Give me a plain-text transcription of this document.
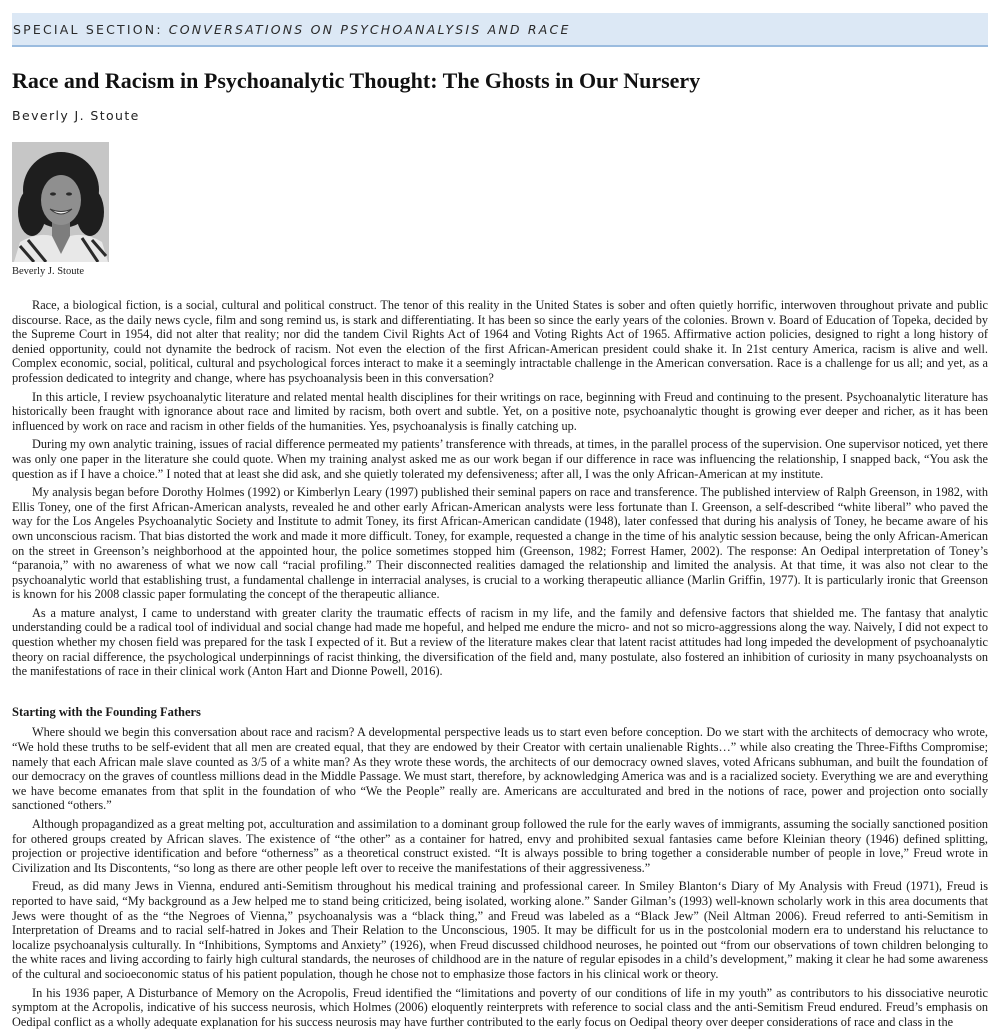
SPECIAL SECTION: CONVERSATIONS ON PSYCHOANALYSIS AND RACE
Race and Racism in Psychoanalytic Thought: The Ghosts in Our Nursery
Beverly J. Stoute
Beverly J. Stoute

Race, a biological fiction, is a social, cultural and political construct. The tenor of this reality in the United States is sober and often quietly horrific, interwoven throughout private and public discourse. Race, as the daily news cycle, film and song remind us, is stark and differentiating. It has been so since the early years of the colonies. Brown v. Board of Education of Topeka, decided by the Supreme Court in 1954, did not alter that reality; nor did the tandem Civil Rights Act of 1964 and Voting Rights Act of 1965. Affirmative action policies, designed to right a long history of denied opportunity, could not dynamite the bedrock of racism. Not even the election of the first African-American president could shake it. In 21st century America, racism is alive and well. Complex economic, social, political, cultural and psychological forces interact to make it a seemingly intractable challenge in the American conversation. Race is a challenge for us all; and yet, as a profession dedicated to integrity and change, where has psychoanalysis been in this conversation?

In this article, I review psychoanalytic literature and related mental health disciplines for their writings on race, beginning with Freud and continuing to the present. Psychoanalytic literature has historically been fraught with ignorance about race and limited by racism, both overt and subtle. Yet, on a positive note, psychoanalytic thought is growing ever deeper and richer, as it has been influenced by work on race and racism in other fields of the humanities. Yes, psychoanalysis is finally catching up.

During my own analytic training, issues of racial difference permeated my patients’ transference with threads, at times, in the parallel process of the supervision. One supervisor noticed, yet there was only one paper in the literature she could quote. When my training analyst asked me as our work began if our difference in race was influencing the relationship, I snapped back, “You ask the question as if I have a choice.” I noted that at least she did ask, and she quietly tolerated my defensiveness; after all, I was the only African-American at my institute.

My analysis began before Dorothy Holmes (1992) or Kimberlyn Leary (1997) published their seminal papers on race and transference. The published interview of Ralph Greenson, in 1982, with Ellis Toney, one of the first African-American analysts, revealed he and other early African-American analysts were less fortunate than I. Greenson, a self-described “white liberal” who paved the way for the Los Angeles Psychoanalytic Society and Institute to admit Toney, its first African-American candidate (1948), later confessed that during his analysis of Toney, he became aware of his own unconscious racism. That bias distorted the work and made it more difficult. Toney, for example, requested a change in the time of his analytic session because, being the only African-American on the street in Greenson’s neighborhood at the appointed hour, the police sometimes stopped him (Greenson, 1982; Forrest Hamer, 2002). The response: An Oedipal interpretation of Toney’s “paranoia,” with no awareness of what we now call “racial profiling.” Their disconnected realities damaged the relationship and limited the analysis. At that time, it was also not clear to the psychoanalytic world that establishing trust, a fundamental challenge in interracial analyses, is crucial to a working therapeutic alliance (Marlin Griffin, 1977). It is particularly ironic that Greenson is known for his 2008 classic paper formulating the concept of the therapeutic alliance.

As a mature analyst, I came to understand with greater clarity the traumatic effects of racism in my life, and the family and defensive factors that shielded me. The fantasy that analytic understanding could be a radical tool of individual and social change had made me hopeful, and helped me endure the micro- and not so micro-aggressions along the way. Naively, I did not expect to question whether my chosen field was prepared for the task I expected of it. But a review of the literature makes clear that latent racist attitudes had long impeded the development of psychoanalytic theory on racial difference, the psychological underpinnings of racist thinking, the diversification of the field and, many postulate, also fostered an inhibition of curiosity in many psychoanalysts on the manifestations of race in their clinical work (Anton Hart and Dionne Powell, 2016).

Starting with the Founding Fathers

Where should we begin this conversation about race and racism? A developmental perspective leads us to start even before conception. Do we start with the architects of democracy who wrote, “We hold these truths to be self-evident that all men are created equal, that they are endowed by their Creator with certain unalienable Rights…” while also creating the Three-Fifths Compromise; namely that each African male slave counted as 3/5 of a white man? As they wrote these words, the architects of our democracy owned slaves, voted Africans subhuman, and built the foundation of our democracy on the graves of countless millions dead in the Middle Passage. We must start, therefore, by acknowledging America was and is a racialized society. Everything we are and everything we have become emanates from that split in the foundation of who “We the People” really are. Americans are acculturated and bred in the notions of race, power and projection onto socially sanctioned “others.”

Although propagandized as a great melting pot, acculturation and assimilation to a dominant group followed the rule for the early waves of immigrants, assuming the socially sanctioned position for othered groups created by African slaves. The existence of “the other” as a container for hatred, envy and prohibited sexual fantasies came before Kleinian theory (1946) defined splitting, projection or projective identification and before “otherness” as a theoretical construct existed. “It is always possible to bring together a considerable number of people in love,” Freud wrote in Civilization and Its Discontents, “so long as there are other people left over to receive the manifestations of their aggressiveness.”

Freud, as did many Jews in Vienna, endured anti-Semitism throughout his medical training and professional career. In Smiley Blanton‘s Diary of My Analysis with Freud (1971), Freud is reported to have said, “My background as a Jew helped me to stand being criticized, being isolated, working alone.” Sander Gilman’s (1993) well-known scholarly work in this area documents that Jews were thought of as the “the Negroes of Vienna,” psychoanalysis was a “black thing,” and Freud was labeled as a “Black Jew” (Neil Altman 2006). Freud referred to anti-Semitism in Interpretation of Dreams and to racial self-hatred in Jokes and Their Relation to the Unconscious, 1905. It may be difficult for us in the postcolonial modern era to understand his reluctance to localize psychoanalysis culturally. In “Inhibitions, Symptoms and Anxiety” (1926), when Freud discussed childhood neuroses, he pointed out “from our observations of town children belonging to the white races and living according to fairly high cultural standards, the neuroses of childhood are in the nature of regular episodes in a child’s development,” making it clear he had some awareness of the cultural and socioeconomic status of his patient population, though he chose not to emphasize those factors in his clinical work or theory.

In his 1936 paper, A Disturbance of Memory on the Acropolis, Freud identified the “limitations and poverty of our conditions of life in my youth” as contributors to his dissociative neurotic symptom at the Acropolis, indicative of his success neurosis, which Holmes (2006) eloquently reinterprets with reference to social class and the anti-Semitism Freud endured. Freud’s emphasis on Oedipal conflict as a wholly adequate explanation for his success neurosis may have further contributed to the early focus on Oedipal theory over deeper considerations of race and class in the
